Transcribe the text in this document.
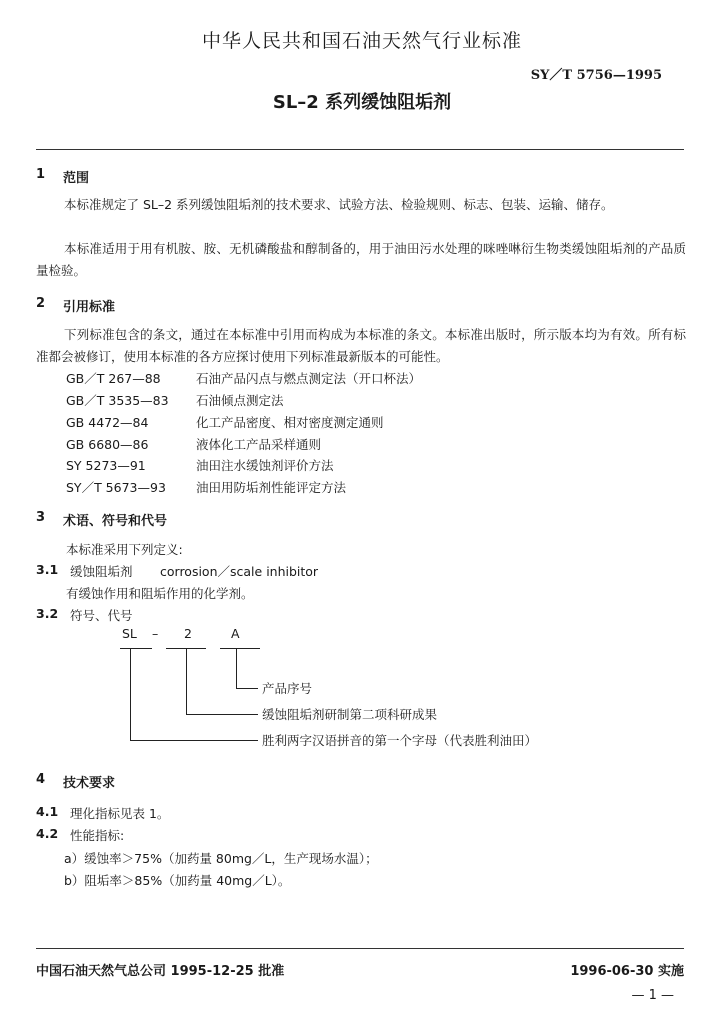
中华人民共和国石油天然气行业标准
SY／T 5756—1995
SL–2 系列缓蚀阻垢剂
1 范围
本标准规定了 SL–2 系列缓蚀阻垢剂的技术要求、试验方法、检验规则、标志、包装、运输、储存。
本标准适用于用有机胺、胺、无机磷酸盐和醇制备的，用于油田污水处理的咪唑啉衍生物类缓蚀阻垢剂的产品质量检验。
2 引用标准
下列标准包含的条文，通过在本标准中引用而构成为本标准的条文。本标准出版时，所示版本均为有效。所有标准都会被修订，使用本标准的各方应探讨使用下列标准最新版本的可能性。
GB／T 267—88	石油产品闪点与燃点测定法（开口杯法）
GB／T 3535—83 石油倾点测定法
GB 4472—84	化工产品密度、相对密度测定通则
GB 6680—86	液体化工产品采样通则
SY 5273—91	油田注水缓蚀剂评价方法
SY／T 5673—93 油田用防垢剂性能评定方法
3 术语、符号和代号
本标准采用下列定义:
3.1 缓蚀阻垢剂 corrosion／scale inhibitor
有缓蚀作用和阻垢作用的化学剂。
3.2 符号、代号
SL – 2	A
产品序号
缓蚀阻垢剂研制第二项科研成果
胜利两字汉语拼音的第一个字母（代表胜利油田）
4 技术要求
4.1 理化指标见表 1。
4.2 性能指标:
a）缓蚀率＞75%（加药量 80mg／L，生产现场水温）；
b）阻垢率＞85%（加药量 40mg／L）。
中国石油天然气总公司 1995-12-25 批准	1996-06-30 实施
— 1 —
